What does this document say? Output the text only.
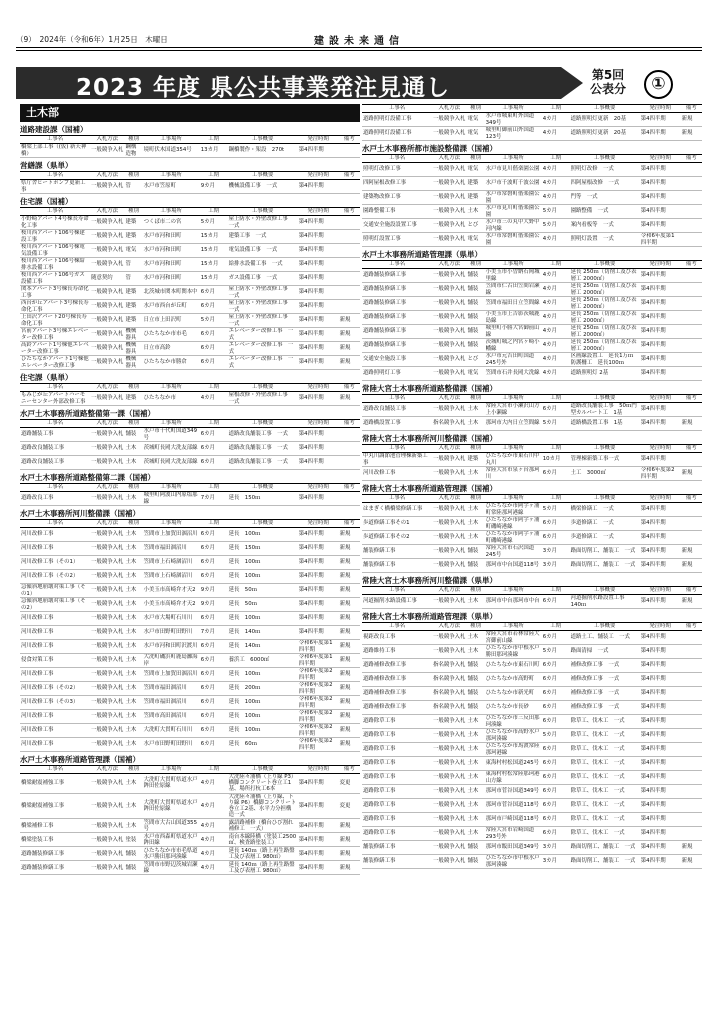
（9）　2024年（令和6年）1月25日　木曜日	建設未来通信
2023 年度 県公共事業発注見通し	第5回
公表分	①
土木部
道路建設課（国補）
工事名	入札方法	種別	工事場所	工期	工事概要	発注時期	備考
橋梁上部工事（(仮) 新天神橋）	一般競争入札	鋼構造物	境町伏木国道354号	13カ月	鋼橋製作・架設　270t	第4四半期	
営繕課（県単）
工事名	入札方法	種別	工事場所	工期	工事概要	発注時期	備考
県庁舎ヒートポンプ更新工事	一般競争入札	管	水戸市笠原町	9カ月	機械設備工事　一式	第4四半期	
住宅課（国補）
工事名	入札方法	種別	工事場所	工期	工事概要	発注時期	備考
小野崎アパート4号棟長寿命化工事	一般競争入札	建築	つくば市二の宮	5カ月	屋上防水・外壁改修工事　一式	第4四半期	
桜川西アパート106号棟建設工事	一般競争入札	建築	水戸市河和田町	15カ月	建築工事　一式	第4四半期	
桜川西アパート106号棟電気設備工事	一般競争入札	電気	水戸市河和田町	15カ月	電気設備工事　一式	第4四半期	
桜川西アパート106号棟給排水設備工事	一般競争入札	管	水戸市河和田町	15カ月	給排水設備工事　一式	第4四半期	
桜川西アパート106号ガス設備工事	随意契約	管	水戸市河和田町	15カ月	ガス設備工事　一式	第4四半期	
関本アパート3号棟長寿命化工事	一般競争入札	建築	北茨城市関本町関本中	6カ月	屋上防水・外壁改修工事　一式	第4四半期	
西台が丘アパート3号棟長寿命化工事	一般競争入札	建築	水戸市西台が丘町	6カ月	屋上防水・外壁改修工事　一式	第4四半期	
上田沢アパート20号棟長寿命化工事	一般競争入札	建築	日立市上田沢町	5カ月	屋上防水・外壁改修工事　一式	第4四半期	新規
宮前アパート3号棟エレベーター改修工事	一般競争入札	機械器具	ひたちなか市市毛	6カ月	エレベーター改修工事　一式	第4四半期	新規
高鈴アパート1号棟他エレベーター改修工事	一般競争入札	機械器具	日立市高鈴	6カ月	エレベーター改修工事　一式	第4四半期	新規
ひたちなかアパート1号棟他エレベーター改修工事	一般競争入札	機械器具	ひたちなか市勝倉	6カ月	エレベーター改修工事　一式	第4四半期	新規
住宅課（県単）
工事名	入札方法	種別	工事場所	工期	工事概要	発注時期	備考
もみじが丘アパートハーモニーセンター外部改修工事	一般競争入札	建築	ひたちなか市	4カ月	屋根改修・外壁改修工事　一式	第4四半期	新規
水戸土木事務所道路整備第一課（国補）
工事名	入札方法	種別	工事場所	工期	工事概要	発注時期	備考
道路舗装工事	一般競争入札	舗装	水戸市千代町国道349号	6カ月	道路改良舗装工事　一式	第4四半期	
道路改良舗装工事	一般競争入札	土木	茨城町長岡大洗友部線	6カ月	道路改良舗装工事　一式	第4四半期	
道路改良舗装工事	一般競争入札	土木	茨城町長岡大洗友部線	6カ月	道路改良舗装工事　一式	第4四半期	
水戸土木事務所道路整備第二課（国補）
工事名	入札方法	種別	工事場所	工期	工事概要	発注時期	備考
道路改良工事	一般競争入札	土木	城里町阿波山内原塩那線	7カ月	延長　150ｍ	第4四半期	
水戸土木事務所河川整備課（国補）
工事名	入札方法	種別	工事場所	工期	工事概要	発注時期	備考
河川改修工事	一般競争入札	土木	笠間市上加賀田涸沼川	6カ月	延長　100ｍ	第4四半期	新規
河川改修工事	一般競争入札	土木	笠間市福田涸沼川	6カ月	延長　150ｍ	第4四半期	新規
河川改修工事（その1）	一般競争入札	土木	笠間市上石崎涸沼川	6カ月	延長　100ｍ	第4四半期	新規
河川改修工事（その2）	一般競争入札	土木	笠間市上石崎涸沼川	6カ月	延長　100ｍ	第4四半期	新規
急傾斜地崩壊対策工事（その1）	一般競争入札	土木	小美玉市高崎弁才天2	9カ月	延長　50ｍ	第4四半期	新規
急傾斜地崩壊対策工事（その2）	一般競争入札	土木	小美玉市高崎弁才天2	9カ月	延長　50ｍ	第4四半期	新規
河川改修工事	一般競争入札	土木	水戸市大場町石川川	6カ月	延長　100ｍ	第4四半期	新規
河川改修工事	一般競争入札	土木	水戸市田野町田野川	7カ月	延長　140ｍ	第4四半期	新規
河川改修工事	一般競争入札	土木	水戸市河和田町沢渡川	6カ月	延長　140ｍ	令和6年度第1四半期	新規
侵食対策工事	一般競争入札	土木	大洗町磯浜町鹿島灘海岸	6カ月	養浜工　6000㎥	令和6年度第1四半期	新規
河川改修工事	一般競争入札	土木	笠間市上加賀田涸沼川	6カ月	延長　100ｍ	令和6年度第2四半期	新規
河川改修工事（その2）	一般競争入札	土木	笠間市福田涸沼川	6カ月	延長　200ｍ	令和6年度第2四半期	新規
河川改修工事（その3）	一般競争入札	土木	笠間市福田涸沼川	6カ月	延長　100ｍ	令和6年度第2四半期	新規
河川改修工事	一般競争入札	土木	笠間市高田涸沼川	6カ月	延長　100ｍ	令和6年度第2四半期	新規
河川改修工事	一般競争入札	土木	大洗町大貫町石川川	6カ月	延長　100ｍ	令和6年度第2四半期	新規
河川改修工事	一般競争入札	土木	水戸市田野町田野川	6カ月	延長　60ｍ	令和6年度第2四半期	新規
水戸土木事務所道路管理課（国補）
工事名	入札方法	種別	工事場所	工期	工事概要	発注時期	備考
橋梁耐震補強工事	一般競争入札	土木	大洗町大貫町県道水戸鉾田佐原線	4カ月	大洗陸々浦橋（上り線 P3）橋脚コンクリート巻立工1基、場所打杭工6本	第4四半期	変更
橋梁耐震補強工事	一般競争入札	土木	大洗町大貫町県道水戸鉾田佐原線	4カ月	大洗陸々浦橋（上り線、下り線 P6）橋脚コンクリート巻立工2基、水平力分担構造一式	第4四半期	変更
橋梁補修工事	一般競争入札	土木	笠間市大古山国道355号	4カ月	露語路補修（橋台ひび割れ補修工　一式）	第4四半期	新規
橋梁塗装工事	一般競争入札	塗装	水戸市西森町県道水戸鉾田線	4カ月	南台本線陸橋（塗装工2500㎡、検査路塗装工）	第4四半期	新規
道路舗装修繕工事	一般競争入札	舗装	ひたちなか市市毛県道水戸勝田那珂湊線	4カ月	延長 140ｍ（路上再生路盤工及び表層工 980㎡）	第4四半期	新規
道路舗装修繕工事	一般競争入札	舗装	笠間市市野辺茨城岩瀬線	4カ月	延長 140ｍ（路上再生路盤工及び表層工 980㎡）	第4四半期	新規
工事名	入札方法	種別	工事場所	工期	工事概要	発注時期	備考
道路照明灯設備工事	一般競争入札	電気	水戸市城東町外国道349号	4カ月	道路照明灯更新　20基	第4四半期	新規
道路照明灯設備工事	一般競争入札	電気	城里町御前山外国道123号	4カ月	道路照明灯更新　20基	第4四半期	新規
水戸土木事務所都市施設整備課（国補）
工事名	入札方法	種別	工事場所	工期	工事概要	発注時期	備考
照明灯改修工事	一般競争入札	電気	水戸市見川偕楽園公園	4カ月	照明灯改修　一式	第4四半期	
四阿屋根改修工事	一般競争入札	建築	水戸市千波町千波公園	4カ月	四阿屋根改修　一式	第4四半期	
建築物改修工事	一般競争入札	建築	水戸市常磐町偕楽園公園	4カ月	門等　一式	第4四半期	
園路整備工事	一般競争入札	土木	水戸市見川町偕楽園公園	5カ月	園路整備　一式	第4四半期	
交通安全施設設置工事	一般競争入札	とび	水戸市三の丸中大野中河内線	5カ月	案内看板等　一式	第4四半期	
照明灯設置工事	一般競争入札	電気	水戸市常磐町偕楽園公園	4カ月	照明灯設置　一式	令和6年度第1四半期	
水戸土木事務所道路管理課（県単）
工事名	入札方法	種別	工事場所	工期	工事概要	発注時期	備考
道路舗装修繕工事	一般競争入札	舗装	小美玉市小曽納石岡城里線	4カ月	延長 250ｍ（切削工及び表層工 2000㎡）	第4四半期	
道路舗装修繕工事	一般競争入札	舗装	笠間市仁古田笠間岩瀬線	4カ月	延長 250ｍ（切削工及び表層工 2000㎡）	第4四半期	
道路舗装修繕工事	一般競争入札	舗装	笠間市福田日立笠間線	4カ月	延長 250ｍ（切削工及び表層工 2000㎡）	第4四半期	
道路舗装修繕工事	一般競争入札	舗装	小美玉市上吉影茨城鹿島線	4カ月	延長 250ｍ（切削工及び表層工 2000㎡）	第4四半期	
道路舗装修繕工事	一般競争入札	舗装	城里町小勝大宮御前山線	4カ月	延長 250ｍ（切削工及び表層工 2000㎡）	第4四半期	
道路舗装修繕工事	一般競争入札	舗装	茨城町城之内宮ヶ崎小幡線	4カ月	延長 250ｍ（切削工及び表層工 2000㎡）	第4四半期	
交通安全施設工事	一般競争入札	とび	水戸市元吉田町国道245号外	4カ月	区画線設置工　延長1万ｍ防護柵工　延長100ｍ	第4四半期	
道路照明灯工事	一般競争入札	電気	笠間市石井長岡大洗線	4カ月	道路照明灯 2基	第4四半期	
常陸大宮土木事務所道路整備課（国補）
工事名	入札方法	種別	工事場所	工期	工事概要	発注時期	備考
道路改良舗装工事	一般競争入札	土木	常陸大宮市小瀬沢山方上小瀬線	6カ月	道路改良舗装工事　50ｍ門型カルバート工　1基	第4四半期	
道路橋設置工事	指名競争入札	土木	那珂市大内日立笠間線	5カ月	道路橋設置工事　1基	第4四半期	新規
常陸大宮土木事務所河川整備課（国補）
工事名	入札方法	種別	工事場所	工期	工事概要	発注時期	備考
中丸川調節池管理棟新築工事	一般競争入札	建築	ひたちなか市東石川中丸川	10カ月	管理棟新築工事一式	第4四半期	
河川改修工事	一般競争入札	土木	常陸大宮市泉ヶ台那珂川	6カ月	土工　3000㎥	令和6年度第2四半期	新規
常陸大宮土木事務所道路管理課（国補）
工事名	入札方法	種別	工事場所	工期	工事概要	発注時期	備考
はまぎく橋橋梁修繕工事	一般競争入札	土木	ひたちなか市阿字ヶ浦町常陸那珂港線	5カ月	橋梁修繕工　一式	第4四半期	
歩道修繕工事その1	一般競争入札	土木	ひたちなか市阿字ヶ浦町磯崎港線	6カ月	歩道修繕工　一式	第4四半期	
歩道修繕工事その2	一般競争入札	土木	ひたちなか市阿字ヶ浦町磯崎港線	6カ月	歩道修繕工　一式	第4四半期	
舗装修繕工事	一般競争入札	舗装	常陸大宮市石沢国道245号	3カ月	路面切削工、舗装工　一式	第4四半期	新規
舗装修繕工事	一般競争入札	舗装	那珂市中台国道118号	3カ月	路面切削工、舗装工　一式	第4四半期	新規
常陸大宮土木事務所河川整備課（県単）
工事名	入札方法	種別	工事場所	工期	工事概要	発注時期	備考
河道掘削水路設備工事	一般競争入札	土木	那珂市中台那珂市中台	6カ月	河道掘削水路設置工事　140ｍ	第4四半期	新規
常陸大宮土木事務所道路管理課（県単）
工事名	入札方法	種別	工事場所	工期	工事概要	発注時期	備考
視距改良工事	一般競争入札	土木	常陸大宮市若林常陸大宮御前山線	6カ月	道路土工、舗装工　一式	第4四半期	
道路維持工事	一般競争入札	土木	ひたちなか市中根水戸勝田那珂湊線	5カ月	路面清掃　一式	第4四半期	
道路補修改修工事	指名競争入札	舗装	ひたちなか市東石川町	6カ月	補修改修工事　一式	第4四半期	
道路補修改修工事	指名競争入札	舗装	ひたちなか市高野町	6カ月	補修改修工事　一式	第4四半期	
道路補修改修工事	指名競争入札	舗装	ひたちなか市新光町	6カ月	補修改修工事　一式	第4四半期	
道路補修改修工事	指名競争入札	舗装	ひたちなか市長砂	6カ月	補修改修工事　一式	第4四半期	
道路除草工事	一般競争入札	土木	ひたちなか市三反田那珂湊線	6カ月	除草工、伐木工　一式	第4四半期	
道路除草工事	一般競争入札	土木	ひたちなか市高野水戸那珂湊線	5カ月	除草工、伐木工　一式	第4四半期	
道路除草工事	一般競争入札	土木	ひたちなか市馬渡常陸那珂港線	6カ月	除草工、伐木工　一式	第4四半期	
道路除草工事	一般競争入札	土木	東海村村松国道245号	6カ月	除草工、伐木工　一式	第4四半期	
道路除草工事	一般競争入札	土木	東海村村松常陸那珂港山方線	6カ月	除草工、伐木工　一式	第4四半期	
道路除草工事	一般競争入札	土木	那珂市菅谷国道349号	6カ月	除草工、伐木工　一式	第4四半期	
道路除草工事	一般競争入札	土木	那珂市菅谷国道118号	6カ月	除草工、伐木工　一式	第4四半期	
道路除草工事	一般競争入札	土木	那珂市戸崎国道118号	6カ月	除草工、伐木工　一式	第4四半期	
道路除草工事	一般競争入札	土木	常陸大宮市岩崎国道293号外	6カ月	除草工、伐木工　一式	第4四半期	
舗装修繕工事	一般競争入札	舗装	那珂市飯田国道349号	3カ月	路面切削工、舗装工　一式	第4四半期	新規
舗装修繕工事	一般競争入札	舗装	ひたちなか市中根水戸那珂湊線	3カ月	路面切削工、舗装工　一式	第4四半期	新規
